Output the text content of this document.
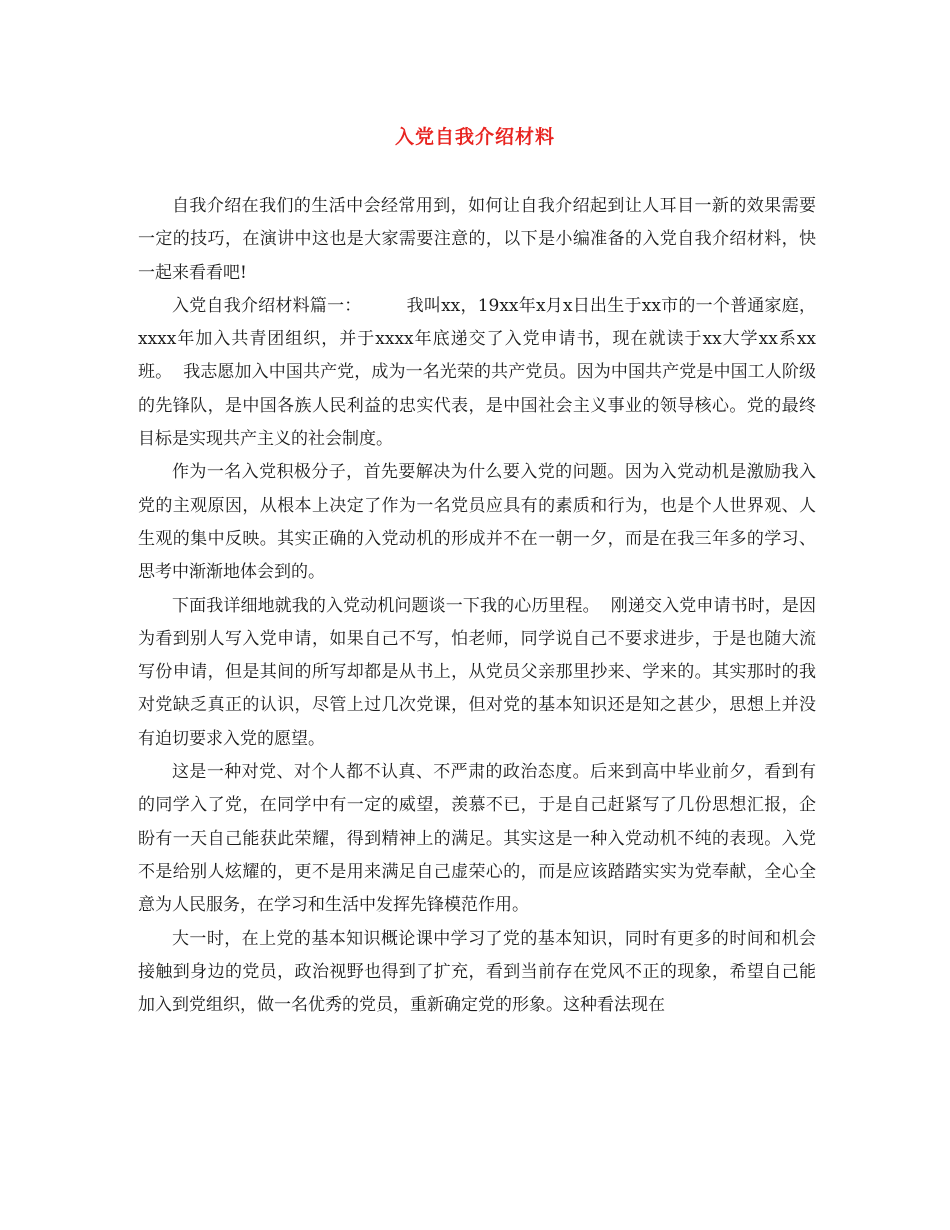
入党自我介绍材料

自我介绍在我们的生活中会经常用到，如何让自我介绍起到让人耳目一新的效果需要一定的技巧，在演讲中这也是大家需要注意的，以下是小编准备的入党自我介绍材料，快一起来看看吧!

入党自我介绍材料篇一：        我叫xx，19xx年x月x日出生于xx市的一个普通家庭，xxxx年加入共青团组织，并于xxxx年底递交了入党申请书，现在就读于xx大学xx系xx班。  我志愿加入中国共产党，成为一名光荣的共产党员。因为中国共产党是中国工人阶级的先锋队，是中国各族人民利益的忠实代表，是中国社会主义事业的领导核心。党的最终目标是实现共产主义的社会制度。

作为一名入党积极分子，首先要解决为什么要入党的问题。因为入党动机是激励我入党的主观原因，从根本上决定了作为一名党员应具有的素质和行为，也是个人世界观、人生观的集中反映。其实正确的入党动机的形成并不在一朝一夕，而是在我三年多的学习、思考中渐渐地体会到的。

下面我详细地就我的入党动机问题谈一下我的心历里程。  刚递交入党申请书时，是因为看到别人写入党申请，如果自己不写，怕老师，同学说自己不要求进步，于是也随大流写份申请，但是其间的所写却都是从书上，从党员父亲那里抄来、学来的。其实那时的我对党缺乏真正的认识，尽管上过几次党课，但对党的基本知识还是知之甚少，思想上并没有迫切要求入党的愿望。

这是一种对党、对个人都不认真、不严肃的政治态度。后来到高中毕业前夕，看到有的同学入了党，在同学中有一定的威望，羡慕不已，于是自己赶紧写了几份思想汇报，企盼有一天自己能获此荣耀，得到精神上的满足。其实这是一种入党动机不纯的表现。入党不是给别人炫耀的，更不是用来满足自己虚荣心的，而是应该踏踏实实为党奉献，全心全意为人民服务，在学习和生活中发挥先锋模范作用。

大一时，在上党的基本知识概论课中学习了党的基本知识，同时有更多的时间和机会接触到身边的党员，政治视野也得到了扩充，看到当前存在党风不正的现象，希望自己能加入到党组织，做一名优秀的党员，重新确定党的形象。这种看法现在
